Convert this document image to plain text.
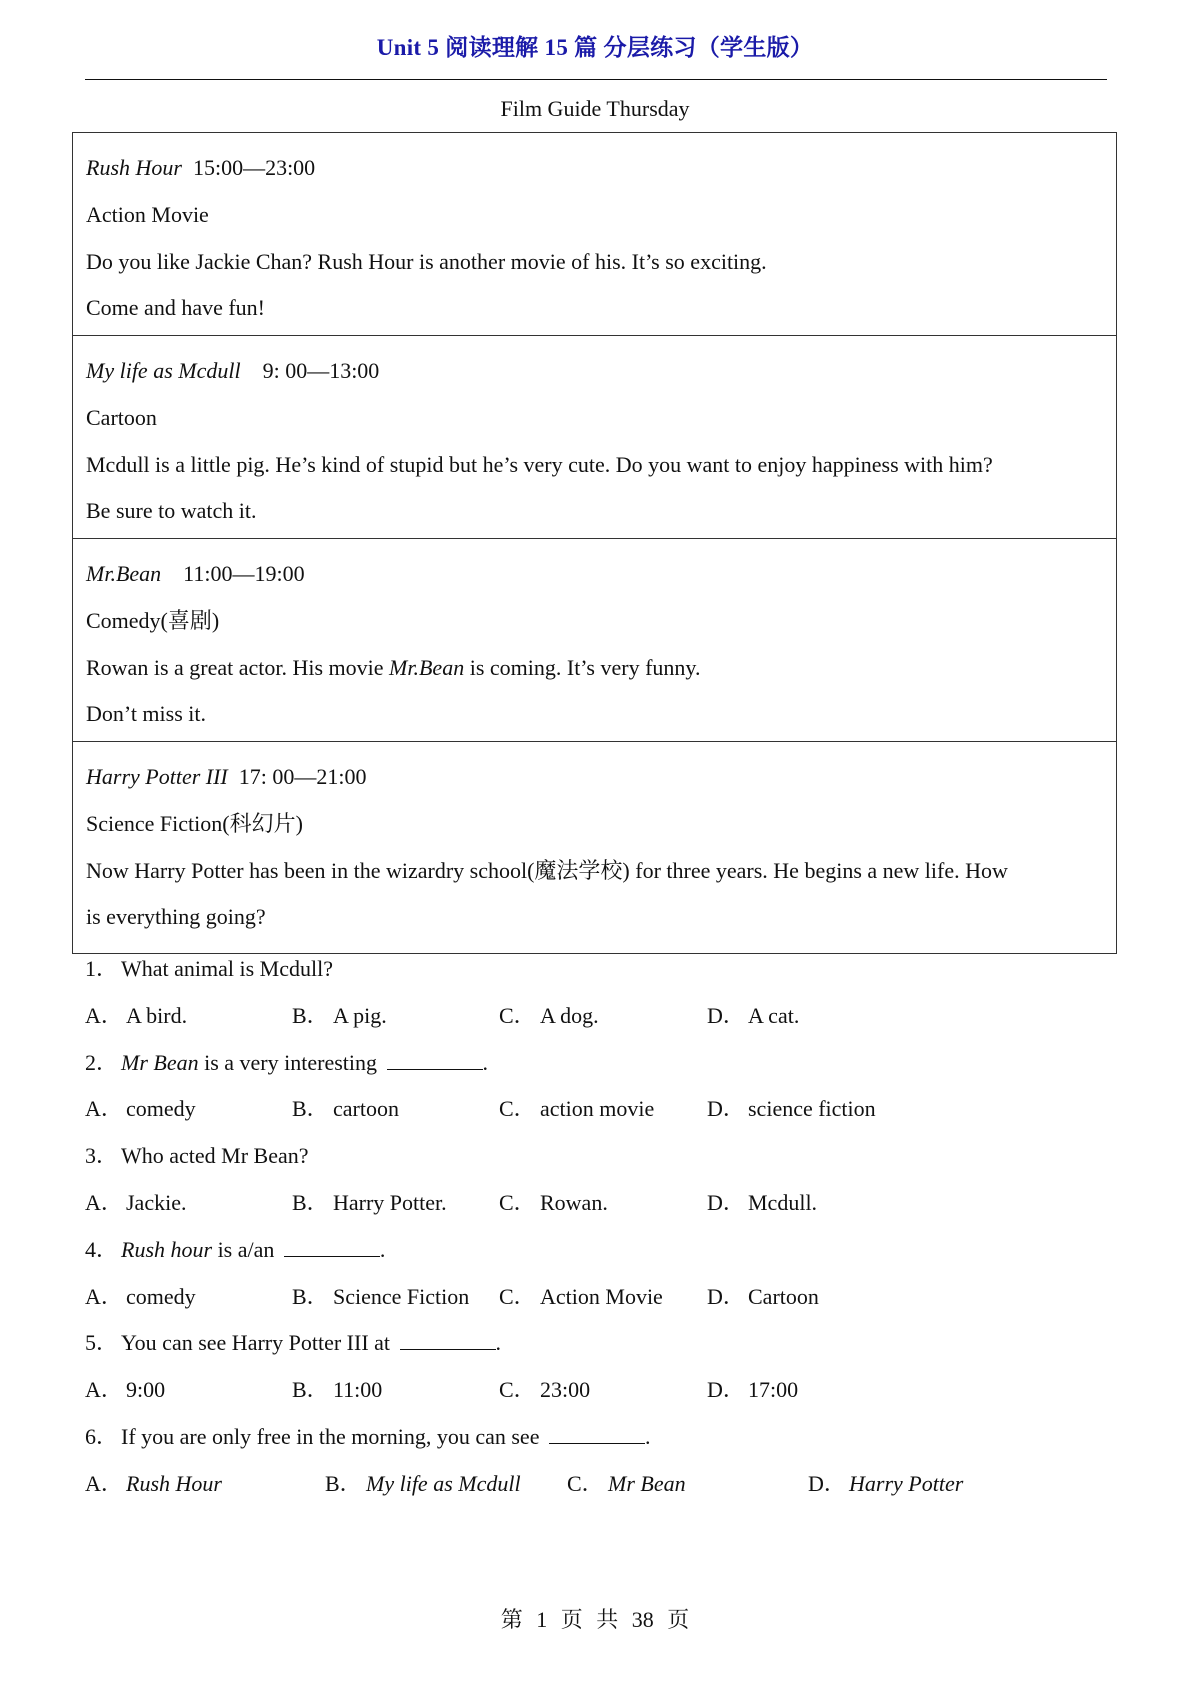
Unit 5 阅读理解 15 篇 分层练习（学生版）
Film Guide Thursday
Rush Hour  15:00—23:00
Action Movie
Do you like Jackie Chan? Rush Hour is another movie of his. It’s so exciting.
Come and have fun!
My life as Mcdull    9: 00—13:00
Cartoon
Mcdull is a little pig. He’s kind of stupid but he’s very cute. Do you want to enjoy happiness with him?
Be sure to watch it.
Mr.Bean    11:00—19:00
Comedy(喜剧)
Rowan is a great actor. His movie Mr.Bean is coming. It’s very funny.
Don’t miss it.
Harry Potter III  17: 00—21:00
Science Fiction(科幻片)
Now Harry Potter has been in the wizardry school(魔法学校) for three years. He begins a new life. How
is everything going?
1． What animal is Mcdull?
A． A bird.	B． A pig.	C． A dog.	D． A cat.
2． Mr Bean is a very interesting	.
A． comedy	B． cartoon	C． action movie D． science fiction
3． Who acted Mr Bean?
A． Jackie.	B． Harry Potter. C． Rowan.	D． Mcdull.
4． Rush hour is a/an	.
A． comedy	B． Science Fiction C． Action Movie D． Cartoon
5． You can see Harry Potter III at	.
A． 9:00	B． 11:00	C． 23:00	D． 17:00
6． If you are only free in the morning, you can see	.
A． Rush Hour	B． My life as Mcdull C． Mr Bean	D． Harry Potter
第 1 页 共 38 页
